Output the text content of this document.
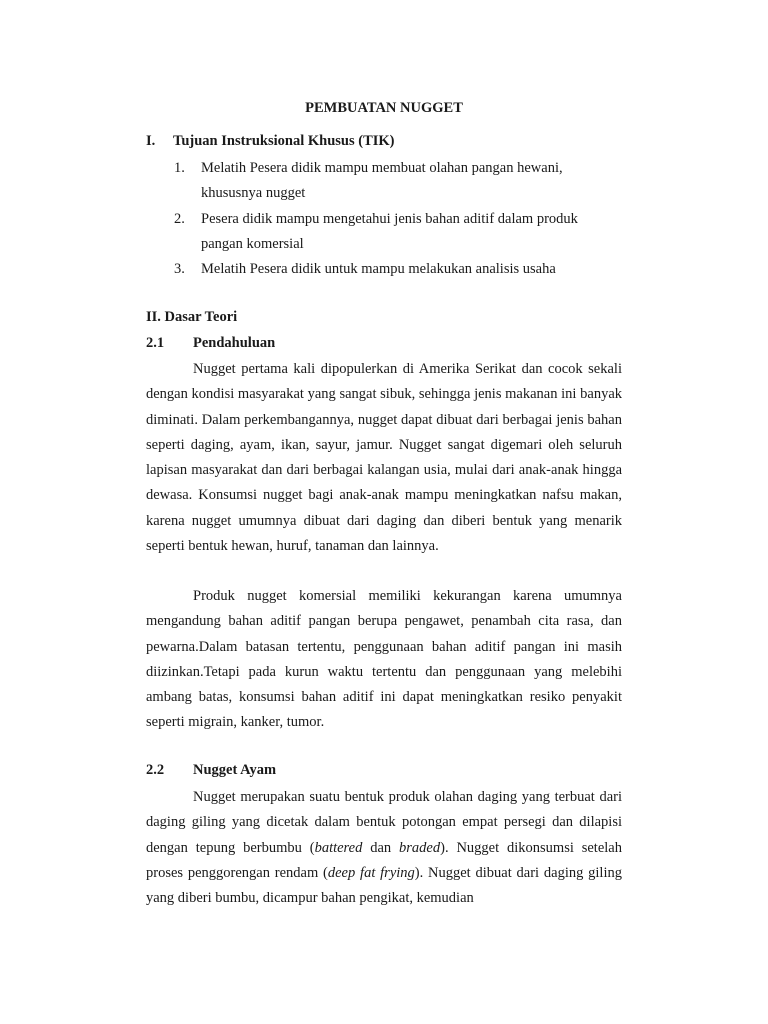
PEMBUATAN NUGGET
I. Tujuan Instruksional Khusus (TIK)
1. Melatih Pesera didik mampu membuat olahan pangan hewani, khususnya nugget
2. Pesera didik mampu mengetahui jenis bahan aditif dalam produk pangan komersial
3. Melatih Pesera didik untuk mampu melakukan analisis usaha
II. Dasar Teori
2.1 Pendahuluan

Nugget pertama kali dipopulerkan di Amerika Serikat dan cocok sekali dengan kondisi masyarakat yang sangat sibuk, sehingga jenis makanan ini banyak diminati. Dalam perkembangannya, nugget dapat dibuat dari berbagai jenis bahan seperti daging, ayam, ikan, sayur, jamur. Nugget sangat digemari oleh seluruh lapisan masyarakat dan dari berbagai kalangan usia, mulai dari anak-anak hingga dewasa. Konsumsi nugget bagi anak-anak mampu meningkatkan nafsu makan, karena nugget umumnya dibuat dari daging dan diberi bentuk yang menarik seperti bentuk hewan, huruf, tanaman dan lainnya.

Produk nugget komersial memiliki kekurangan karena umumnya mengandung bahan aditif pangan berupa pengawet, penambah cita rasa, dan pewarna.Dalam batasan tertentu, penggunaan bahan aditif pangan ini masih diizinkan.Tetapi pada kurun waktu tertentu dan penggunaan yang melebihi ambang batas, konsumsi bahan aditif ini dapat meningkatkan resiko penyakit seperti migrain, kanker, tumor.

2.2 Nugget Ayam

Nugget merupakan suatu bentuk produk olahan daging yang terbuat dari daging giling yang dicetak dalam bentuk potongan empat persegi dan dilapisi dengan tepung berbumbu (battered dan braded). Nugget dikonsumsi setelah proses penggorengan rendam (deep fat frying). Nugget dibuat dari daging giling yang diberi bumbu, dicampur bahan pengikat, kemudian
